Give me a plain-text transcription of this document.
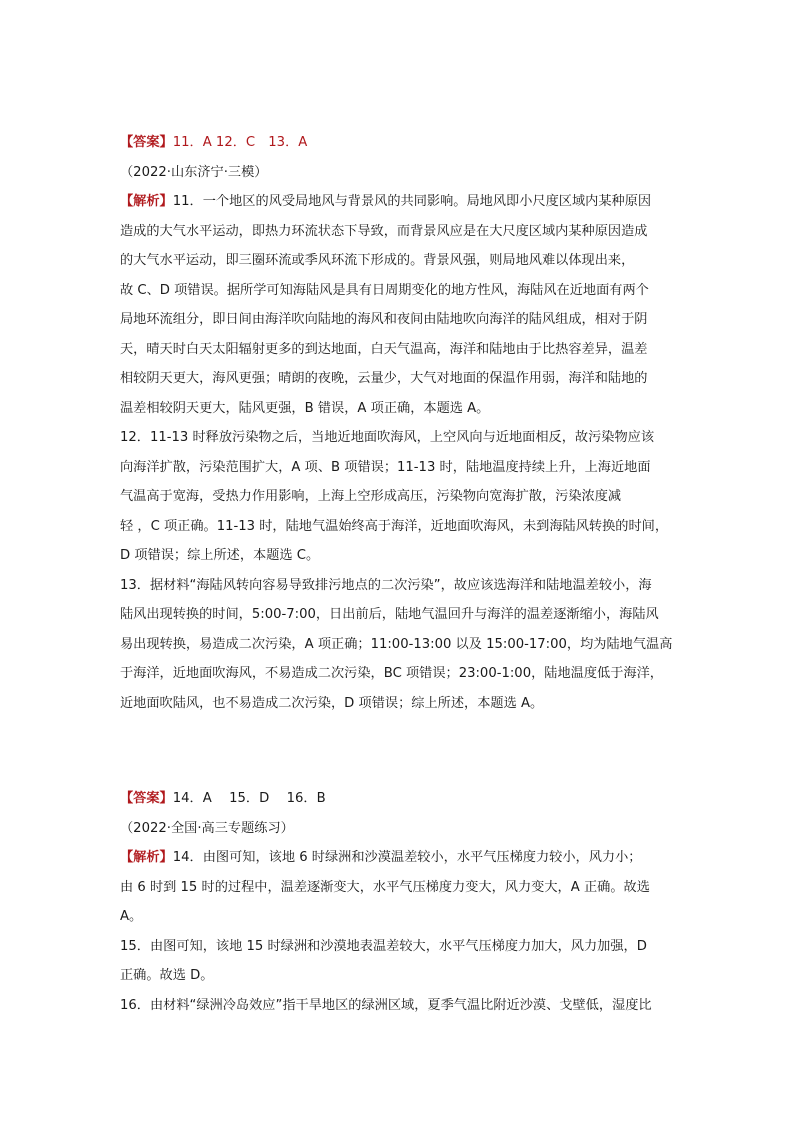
【答案】11．A 12．C　13．A
（2022·山东济宁·三模）
【解析】11．一个地区的风受局地风与背景风的共同影响。局地风即小尺度区域内某种原因
造成的大气水平运动，即热力环流状态下导致，而背景风应是在大尺度区域内某种原因造成
的大气水平运动，即三圈环流或季风环流下形成的。背景风强，则局地风难以体现出来，
故 C、D 项错误。据所学可知海陆风是具有日周期变化的地方性风，海陆风在近地面有两个
局地环流组分，即日间由海洋吹向陆地的海风和夜间由陆地吹向海洋的陆风组成，相对于阴
天，晴天时白天太阳辐射更多的到达地面，白天气温高，海洋和陆地由于比热容差异，温差
相较阴天更大，海风更强；晴朗的夜晚，云量少，大气对地面的保温作用弱，海洋和陆地的
温差相较阴天更大，陆风更强，B 错误，A 项正确，本题选 A。
12．11-13 时释放污染物之后，当地近地面吹海风，上空风向与近地面相反，故污染物应该
向海洋扩散，污染范围扩大，A 项、B 项错误；11-13 时，陆地温度持续上升，上海近地面
气温高于宽海，受热力作用影响，上海上空形成高压，污染物向宽海扩散，污染浓度减
轻 ，C 项正确。11-13 时，陆地气温始终高于海洋，近地面吹海风，未到海陆风转换的时间，
D 项错误；综上所述，本题选 C。
13．据材料“海陆风转向容易导致排污地点的二次污染”，故应该选海洋和陆地温差较小，海
陆风出现转换的时间，5:00-7:00，日出前后，陆地气温回升与海洋的温差逐渐缩小，海陆风
易出现转换，易造成二次污染，A 项正确；11:00-13:00 以及 15:00-17:00，均为陆地气温高
于海洋，近地面吹海风，不易造成二次污染，BC 项错误；23:00-1:00，陆地温度低于海洋，
近地面吹陆风，也不易造成二次污染，D 项错误；综上所述，本题选 A。
【答案】14．A　 15．D　 16．B
（2022·全国·高三专题练习）
【解析】14．由图可知，该地 6 时绿洲和沙漠温差较小，水平气压梯度力较小，风力小；
由 6 时到 15 时的过程中，温差逐渐变大，水平气压梯度力变大，风力变大，A 正确。故选
A。
15．由图可知，该地 15 时绿洲和沙漠地表温差较大，水平气压梯度力加大，风力加强，D
正确。故选 D。
16．由材料“绿洲冷岛效应”指干旱地区的绿洲区域，夏季气温比附近沙漠、戈壁低，湿度比
